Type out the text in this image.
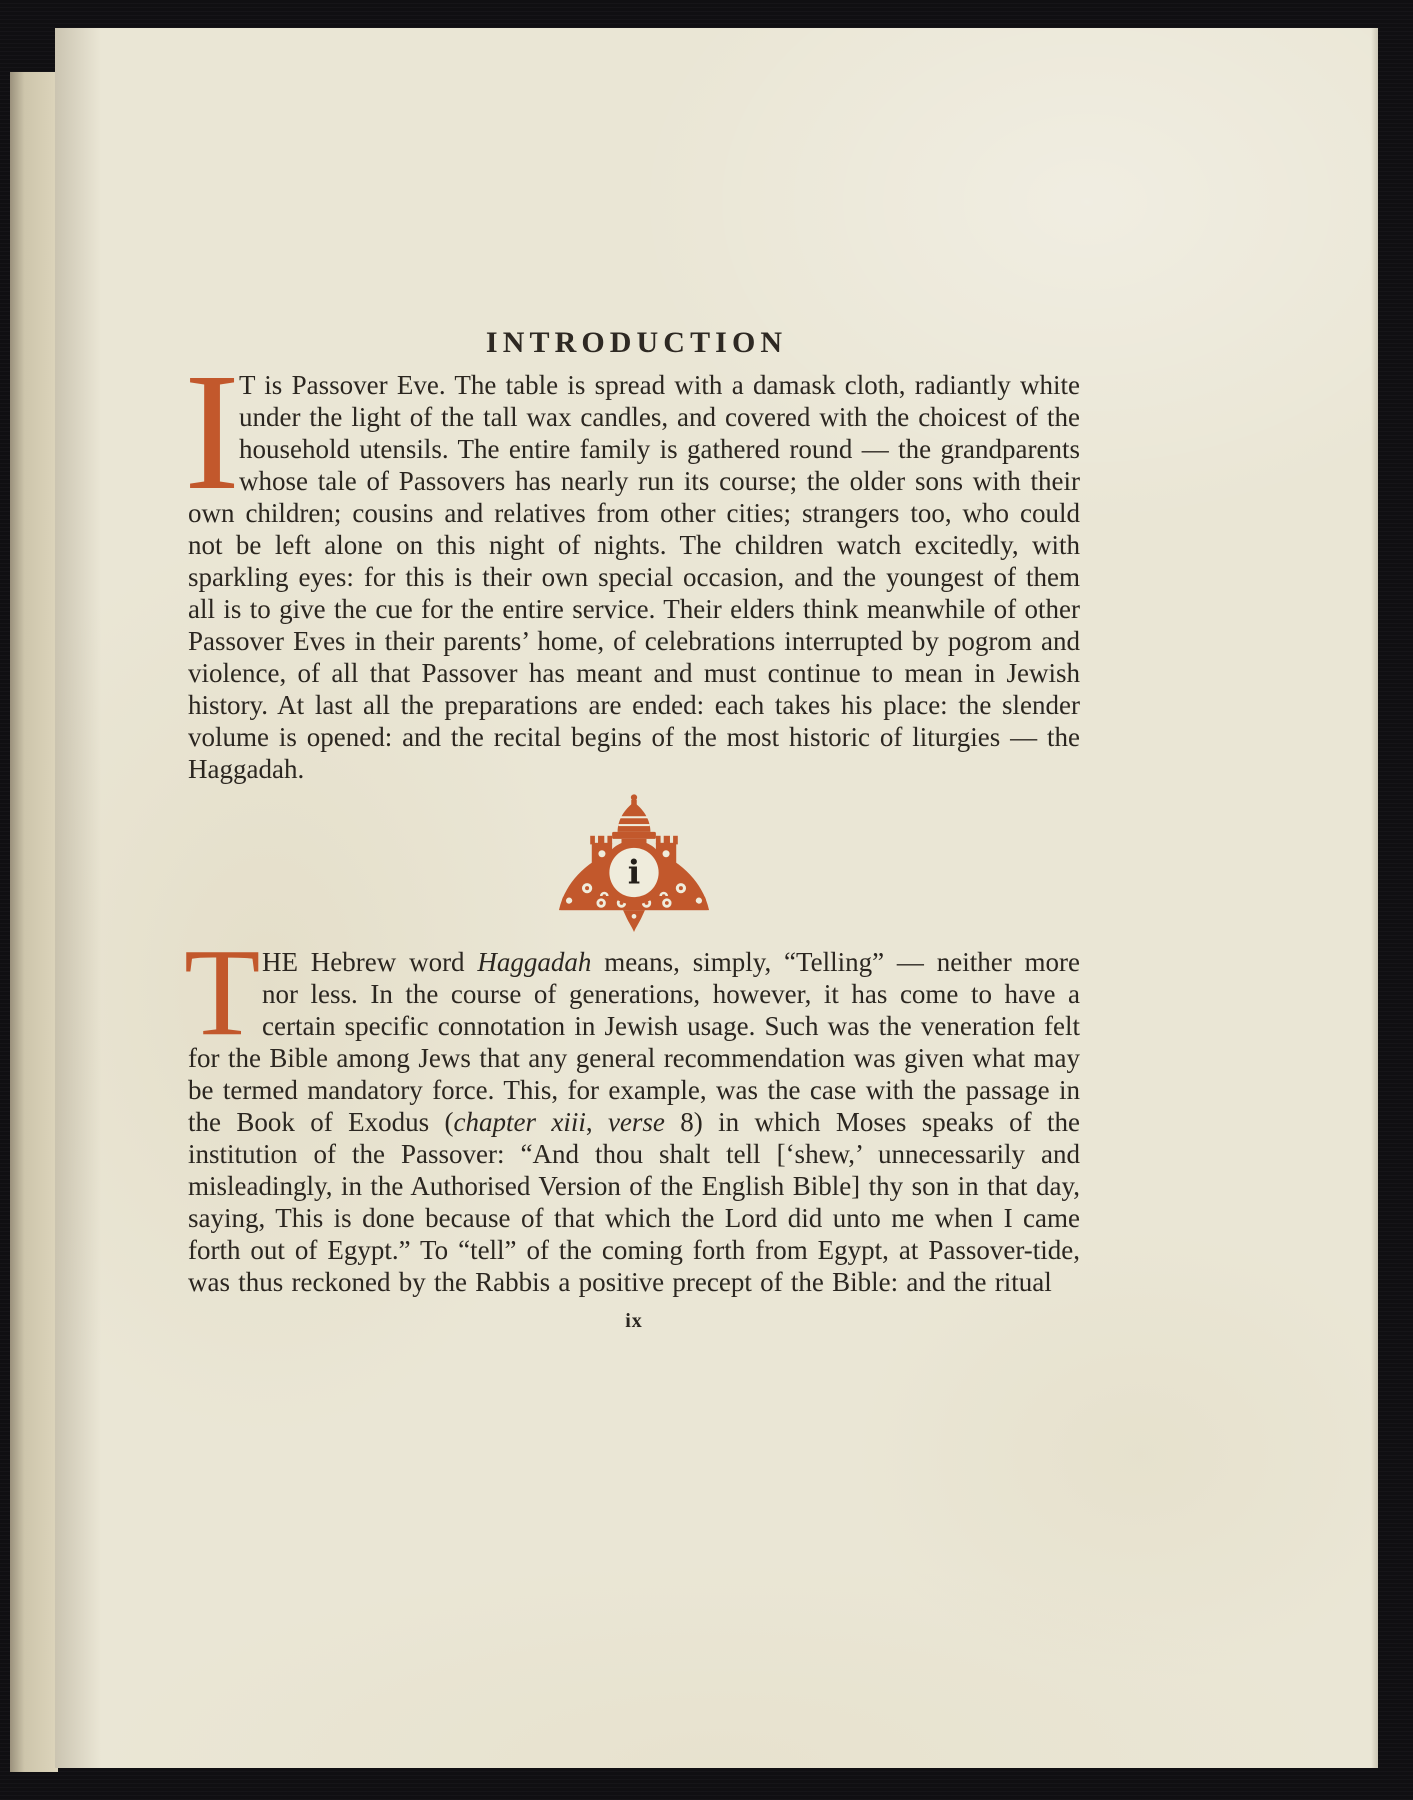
INTRODUCTION

I T is Passover Eve. The table is spread with a damask cloth, radiantly white under the light of the tall wax candles, and covered with the choicest of the household utensils. The entire family is gathered round — the grandparents whose tale of Passovers has nearly run its course; the older sons with their own children; cousins and relatives from other cities; strangers too, who could not be left alone on this night of nights. The children watch excitedly, with sparkling eyes: for this is their own special occasion, and the youngest of them all is to give the cue for the entire service. Their elders think meanwhile of other Passover Eves in their parents’ home, of celebrations interrupted by pogrom and violence, of all that Passover has meant and must continue to mean in Jewish history. At last all the preparations are ended: each takes his place: the slender volume is opened: and the recital begins of the most historic of liturgies — the Haggadah.

i

T HE Hebrew word Haggadah means, simply, “Telling” — neither more nor less. In the course of generations, however, it has come to have a certain specific connotation in Jewish usage. Such was the veneration felt for the Bible among Jews that any general recommendation was given what may be termed mandatory force. This, for example, was the case with the passage in the Book of Exodus (chapter xiii, verse 8) in which Moses speaks of the institution of the Passover: “And thou shalt tell [‘shew,’ unnecessarily and misleadingly, in the Authorised Version of the English Bible] thy son in that day, saying, This is done because of that which the Lord did unto me when I came forth out of Egypt.” To “tell” of the coming forth from Egypt, at Passover-tide, was thus reckoned by the Rabbis a positive precept of the Bible: and the ritual

ix
